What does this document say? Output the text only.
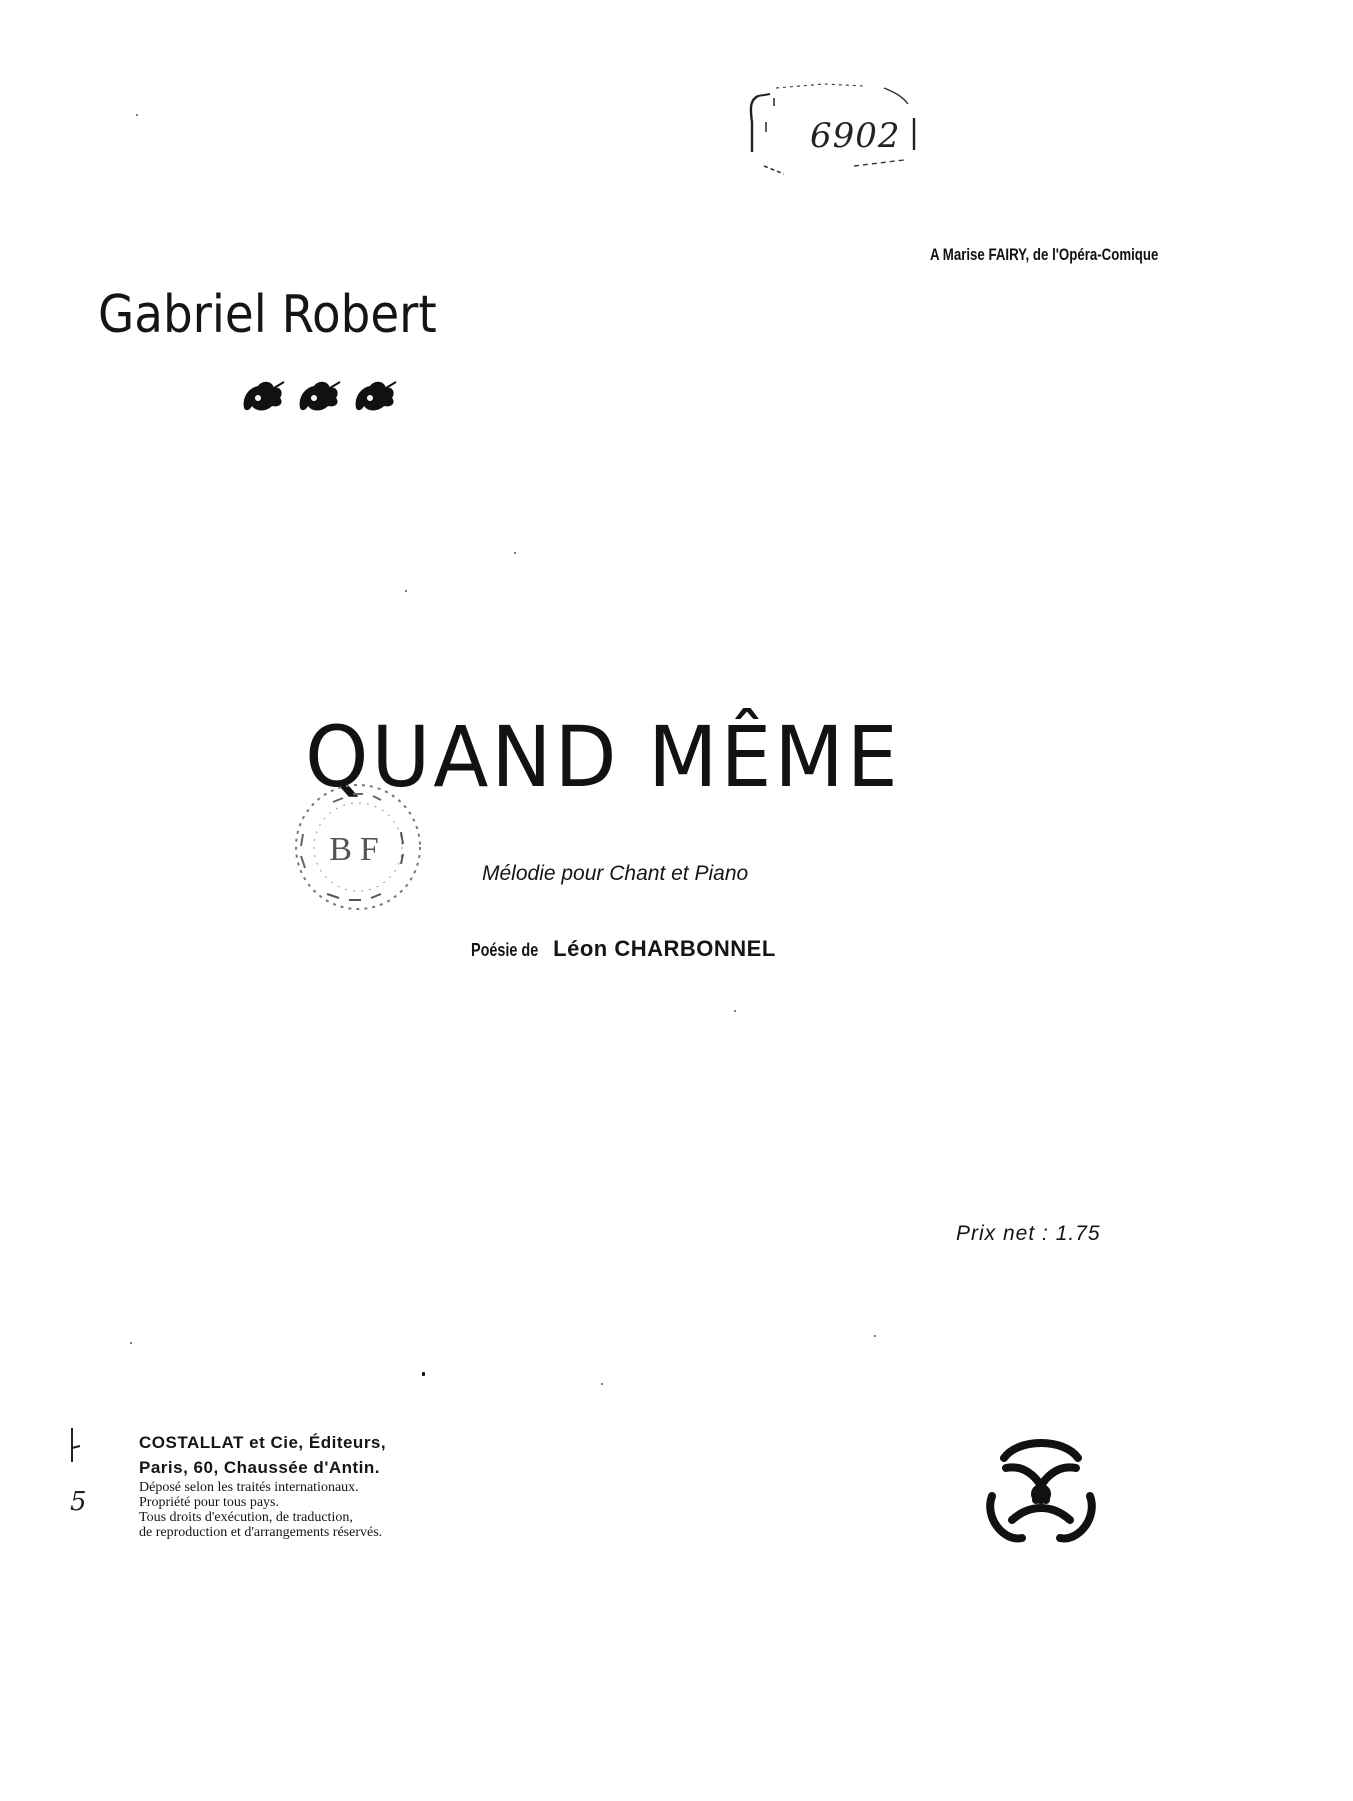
6902
A Marise FAIRY, de l'Opéra-Comique
Gabriel Robert
QUAND MÊME
BF
Mélodie pour Chant et Piano
Poésie de Léon CHARBONNEL
Prix net : 1.75
5
COSTALLAT et Cie, Éditeurs,
Paris, 60, Chaussée d'Antin.
Déposé selon les traités internationaux.
Propriété pour tous pays.
Tous droits d'exécution, de traduction,
de reproduction et d'arrangements réservés.
